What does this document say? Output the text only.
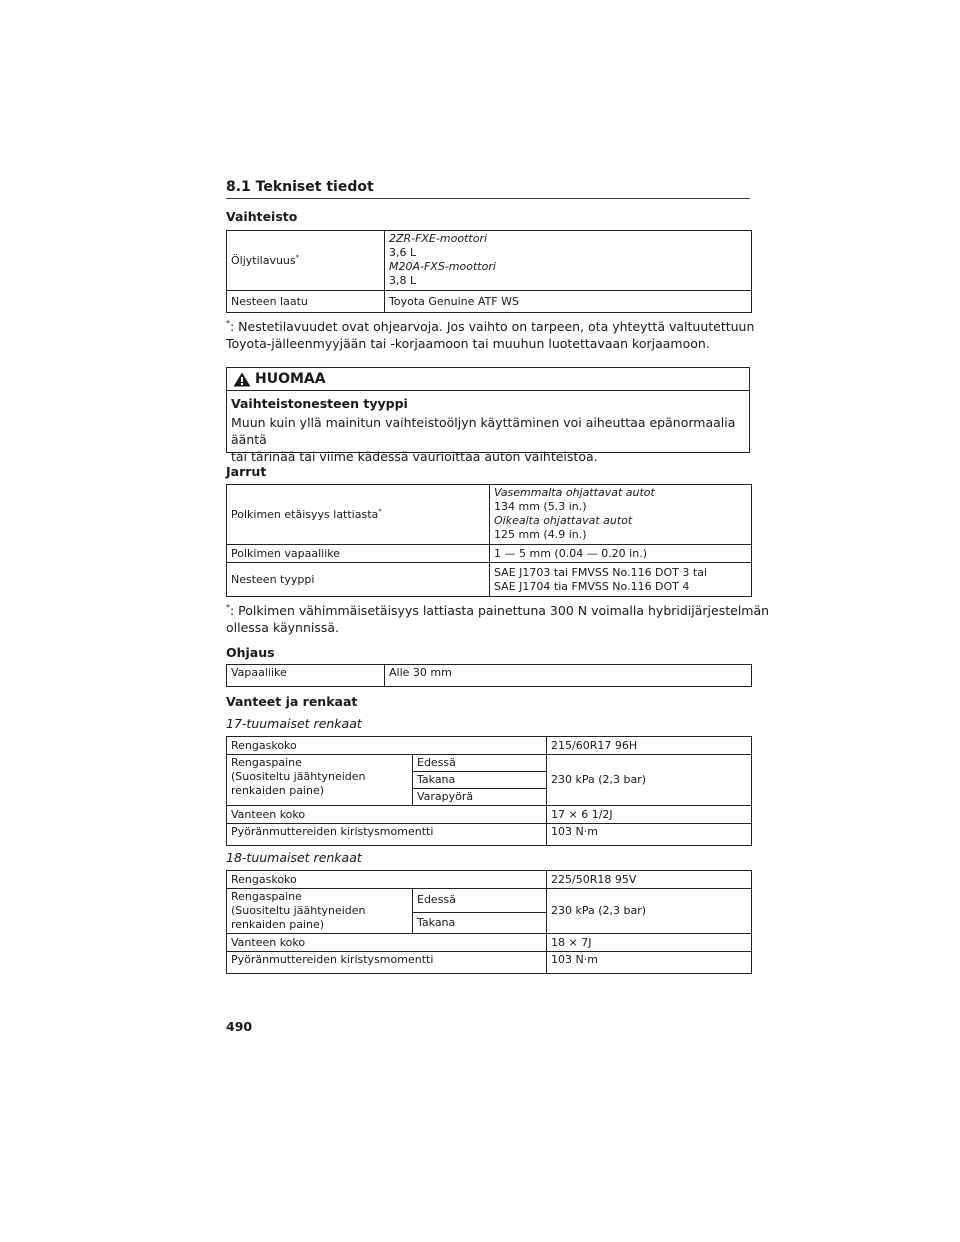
8.1 Tekniset tiedot
Vaihteisto
Öljytilavuus*	2ZR-FXE-moottori
3,6 L
M20A-FXS-moottori
3,8 L

Nesteen laatu	Toyota Genuine ATF WS
*: Nestetilavuudet ovat ohjearvoja. Jos vaihto on tarpeen, ota yhteyttä valtuutettuun
Toyota-jälleenmyyjään tai -korjaamoon tai muuhun luotettavaan korjaamoon.
HUOMAA
Vaihteistonesteen tyyppi
Muun kuin yllä mainitun vaihteistoöljyn käyttäminen voi aiheuttaa epänormaalia ääntä
tai tärinää tai viime kädessä vaurioittaa auton vaihteistoa.
Jarrut
Polkimen etäisyys lattiasta*	Vasemmalta ohjattavat autot
134 mm (5.3 in.)
Oikealta ohjattavat autot
125 mm (4.9 in.)

Polkimen vapaaliike	1 — 5 mm (0.04 — 0.20 in.)
Nesteen tyyppi	SAE J1703 tai FMVSS No.116 DOT 3 tai
SAE J1704 tia FMVSS No.116 DOT 4
*: Polkimen vähimmäisetäisyys lattiasta painettuna 300 N voimalla hybridijärjestelmän
ollessa käynnissä.
Ohjaus
Vapaaliike	Alle 30 mm
Vanteet ja renkaat
17-tuumaiset renkaat
Rengaskoko		215/60R17 96H

Rengaspaine
(Suositeltu jäähtyneiden
renkaiden paine)	Edessä	230 kPa (2,3 bar)
	Takana	
	Varapyörä	
Vanteen koko		17 × 6 1/2J
Pyöränmuttereiden kiristysmomentti		103 N·m
18-tuumaiset renkaat
Rengaskoko		225/50R18 95V

Rengaspaine
(Suositeltu jäähtyneiden
renkaiden paine)	Edessä	230 kPa (2,3 bar)
	Takana	
Vanteen koko		18 × 7J
Pyöränmuttereiden kiristysmomentti		103 N·m
490
